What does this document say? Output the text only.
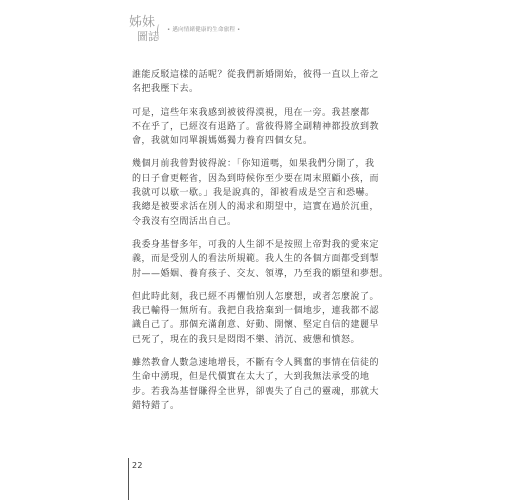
姊妹
圖誌 • 邁向情緒健康的生命旅程 •

誰能反駁這樣的話呢？從我們新婚開始，彼得一直以上帝之
名把我壓下去。

可是，這些年來我感到被彼得漠視，甩在一旁。我甚麼都
不在乎了，已經沒有退路了。當彼得將全副精神都投放到教
會，我就如同單親媽媽獨力養育四個女兒。

幾個月前我曾對彼得說：「你知道嗎，如果我們分開了，我
的日子會更輕省，因為到時候你至少要在周末照顧小孩，而
我就可以歇一歇。」我是說真的，卻被看成是空言和恐嚇。
我總是被要求活在別人的渴求和期望中，這實在過於沉重，
令我沒有空間活出自己。

我委身基督多年，可我的人生卻不是按照上帝對我的愛來定
義，而是受別人的看法所規範。我人生的各個方面都受到掣
肘——婚姻、養育孩子、交友、領導，乃至我的願望和夢想。

但此時此刻，我已經不再懼怕別人怎麼想，或者怎麼說了。
我已輸得一無所有。我把自我捨棄到一個地步，連我都不認
識自己了。那個充滿創意、好動、開懷、堅定自信的建麗早
已死了，現在的我只是悶悶不樂、消沉、疲憊和憤怒。

雖然教會人數急速地增長，不斷有令人興奮的事情在信徒的
生命中湧現，但是代價實在太大了，大到我無法承受的地
步。若我為基督賺得全世界，卻喪失了自己的靈魂，那就大
錯特錯了。

22
